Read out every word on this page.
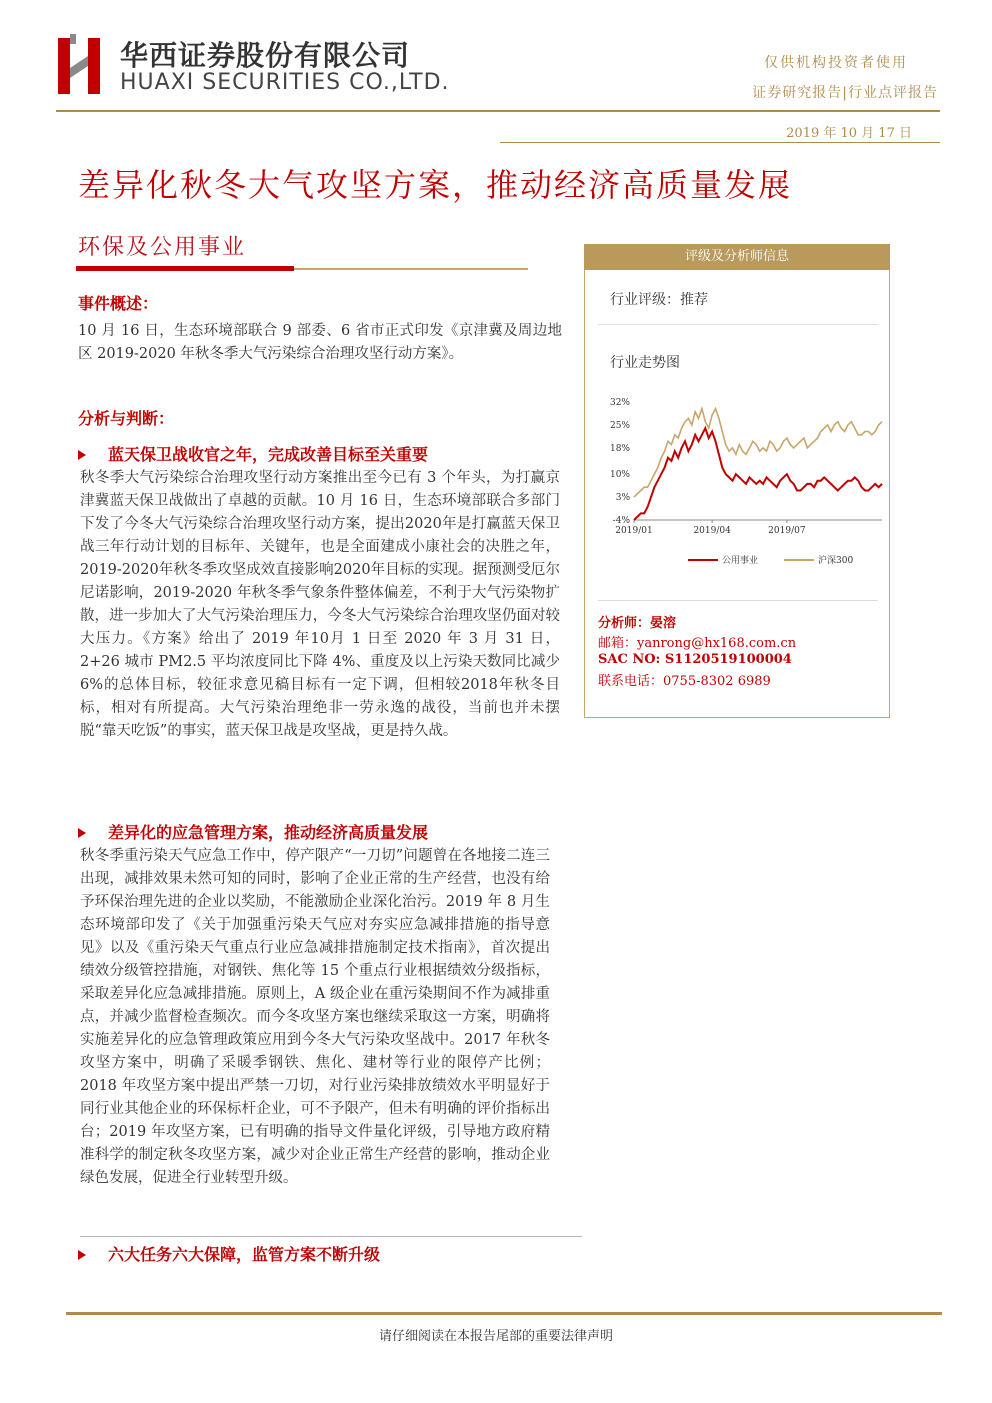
华西证券股份有限公司
HUAXI SECURITIES CO.,LTD.
仅供机构投资者使用
证券研究报告|行业点评报告
2019 年 10 月 17 日
差异化秋冬大气攻坚方案，推动经济高质量发展
环保及公用事业
事件概述：
10 月 16 日，生态环境部联合 9 部委、6 省市正式印发《京津冀及周边地区 2019-2020 年秋冬季大气污染综合治理攻坚行动方案》。
分析与判断：
蓝天保卫战收官之年，完成改善目标至关重要
秋冬季大气污染综合治理攻坚行动方案推出至今已有 3 个年头，为打赢京津冀蓝天保卫战做出了卓越的贡献。10 月 16 日，生态环境部联合多部门下发了今冬大气污染综合治理攻坚行动方案，提出2020年是打赢蓝天保卫战三年行动计划的目标年、关键年，也是全面建成小康社会的决胜之年，2019-2020年秋冬季攻坚成效直接影响2020年目标的实现。据预测受厄尔尼诺影响，2019-2020 年秋冬季气象条件整体偏差，不利于大气污染物扩散，进一步加大了大气污染治理压力，今冬大气污染综合治理攻坚仍面对较大压力。《方案》给出了 2019 年10月 1 日至 2020 年 3 月 31 日，2+26 城市 PM2.5 平均浓度同比下降 4%、重度及以上污染天数同比减少 6%的总体目标，较征求意见稿目标有一定下调，但相较2018年秋冬目标，相对有所提高。大气污染治理绝非一劳永逸的战役，当前也并未摆脱“靠天吃饭”的事实，蓝天保卫战是攻坚战，更是持久战。
差异化的应急管理方案，推动经济高质量发展
秋冬季重污染天气应急工作中，停产限产“一刀切”问题曾在各地接二连三出现，减排效果未然可知的同时，影响了企业正常的生产经营，也没有给予环保治理先进的企业以奖励，不能激励企业深化治污。2019 年 8 月生态环境部印发了《关于加强重污染天气应对夯实应急减排措施的指导意见》以及《重污染天气重点行业应急减排措施制定技术指南》，首次提出绩效分级管控措施，对钢铁、焦化等 15 个重点行业根据绩效分级指标，采取差异化应急减排措施。原则上，A 级企业在重污染期间不作为减排重点，并减少监督检查频次。而今冬攻坚方案也继续采取这一方案，明确将实施差异化的应急管理政策应用到今冬大气污染攻坚战中。2017 年秋冬攻坚方案中，明确了采暖季钢铁、焦化、建材等行业的限停产比例；2018 年攻坚方案中提出严禁一刀切，对行业污染排放绩效水平明显好于同行业其他企业的环保标杆企业，可不予限产，但未有明确的评价指标出台；2019 年攻坚方案，已有明确的指导文件量化评级，引导地方政府精准科学的制定秋冬攻坚方案，减少对企业正常生产经营的影响，推动企业绿色发展，促进全行业转型升级。
六大任务六大保障，监管方案不断升级
评级及分析师信息
行业评级：推荐
行业走势图
32%
25%
18%
10%
3%
-4%
2019/01	2019/04	2019/07
公用事业	沪深300
分析师：晏溶
邮箱：yanrong@hx168.com.cn
SAC NO: S1120519100004
联系电话：0755-8302 6989
请仔细阅读在本报告尾部的重要法律声明
